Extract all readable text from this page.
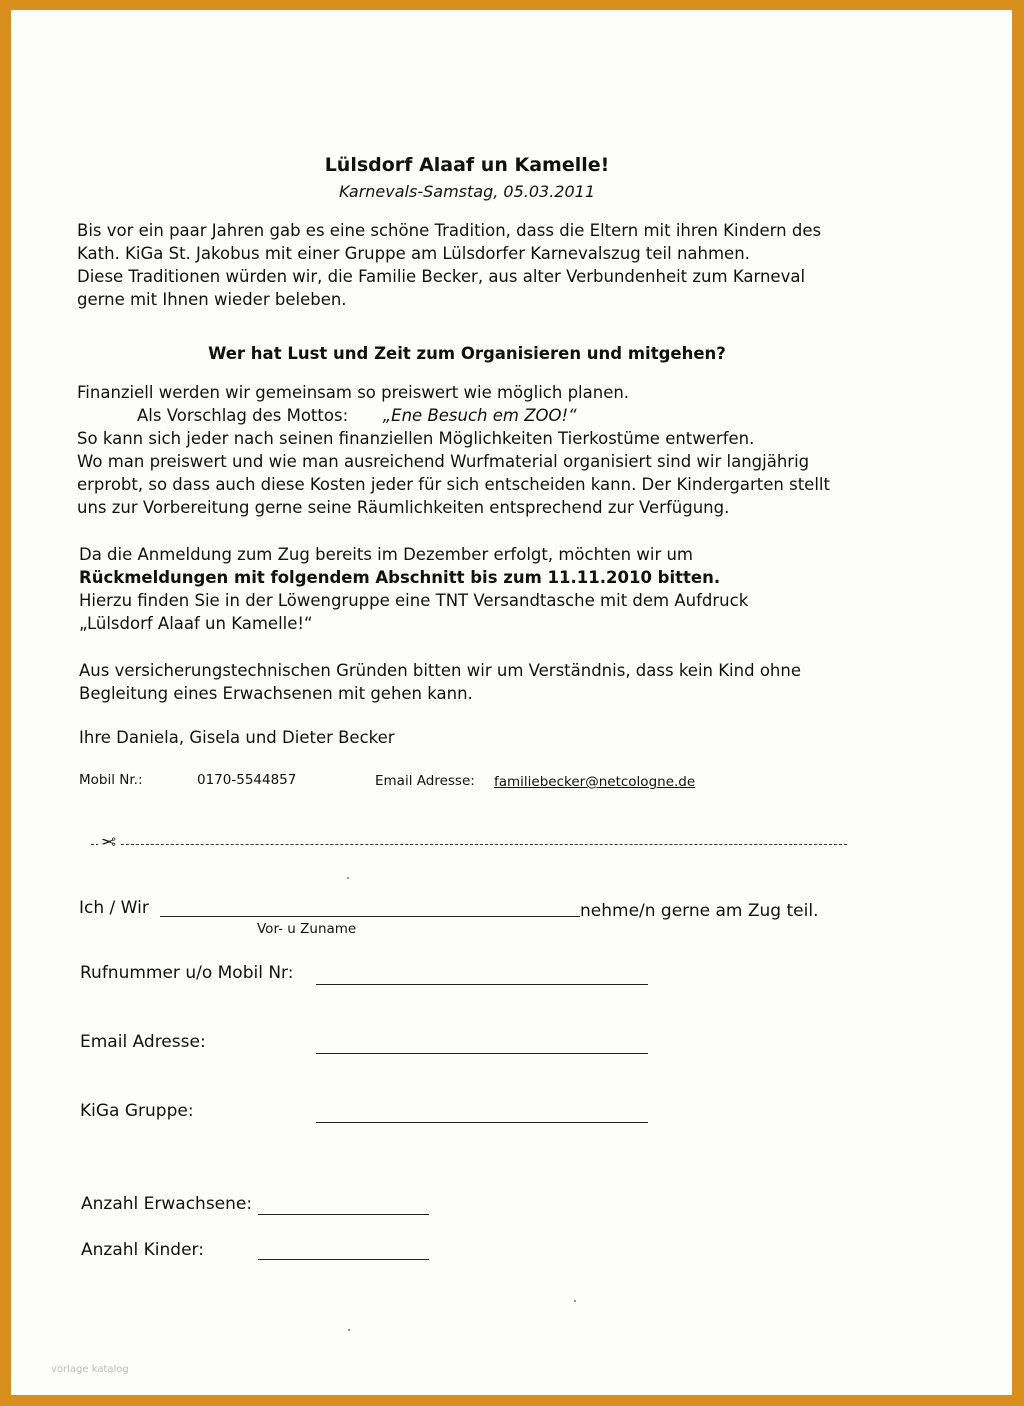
Lülsdorf Alaaf un Kamelle!
Karnevals-Samstag, 05.03.2011
Bis vor ein paar Jahren gab es eine schöne Tradition, dass die Eltern mit ihren Kindern des
Kath. KiGa St. Jakobus mit einer Gruppe am Lülsdorfer Karnevalszug teil nahmen.
Diese Traditionen würden wir, die Familie Becker, aus alter Verbundenheit zum Karneval
gerne mit Ihnen wieder beleben.
Wer hat Lust und Zeit zum Organisieren und mitgehen?
Finanziell werden wir gemeinsam so preiswert wie möglich planen.
Als Vorschlag des Mottos: „Ene Besuch em ZOO!“
So kann sich jeder nach seinen finanziellen Möglichkeiten Tierkostüme entwerfen.
Wo man preiswert und wie man ausreichend Wurfmaterial organisiert sind wir langjährig
erprobt, so dass auch diese Kosten jeder für sich entscheiden kann. Der Kindergarten stellt
uns zur Vorbereitung gerne seine Räumlichkeiten entsprechend zur Verfügung.
Da die Anmeldung zum Zug bereits im Dezember erfolgt, möchten wir um
Rückmeldungen mit folgendem Abschnitt bis zum 11.11.2010 bitten.
Hierzu finden Sie in der Löwengruppe eine TNT Versandtasche mit dem Aufdruck
„Lülsdorf Alaaf un Kamelle!“
Aus versicherungstechnischen Gründen bitten wir um Verständnis, dass kein Kind ohne
Begleitung eines Erwachsenen mit gehen kann.
Ihre Daniela, Gisela und Dieter Becker
Mobil Nr.:	0170-5544857	Email Adresse: familiebecker@netcologne.de
✂
Ich / Wir	nehme/n gerne am Zug teil.
Vor- u Zuname
Rufnummer u/o Mobil Nr:
Email Adresse:
KiGa Gruppe:
Anzahl Erwachsene:
Anzahl Kinder:
vorlage katalog
